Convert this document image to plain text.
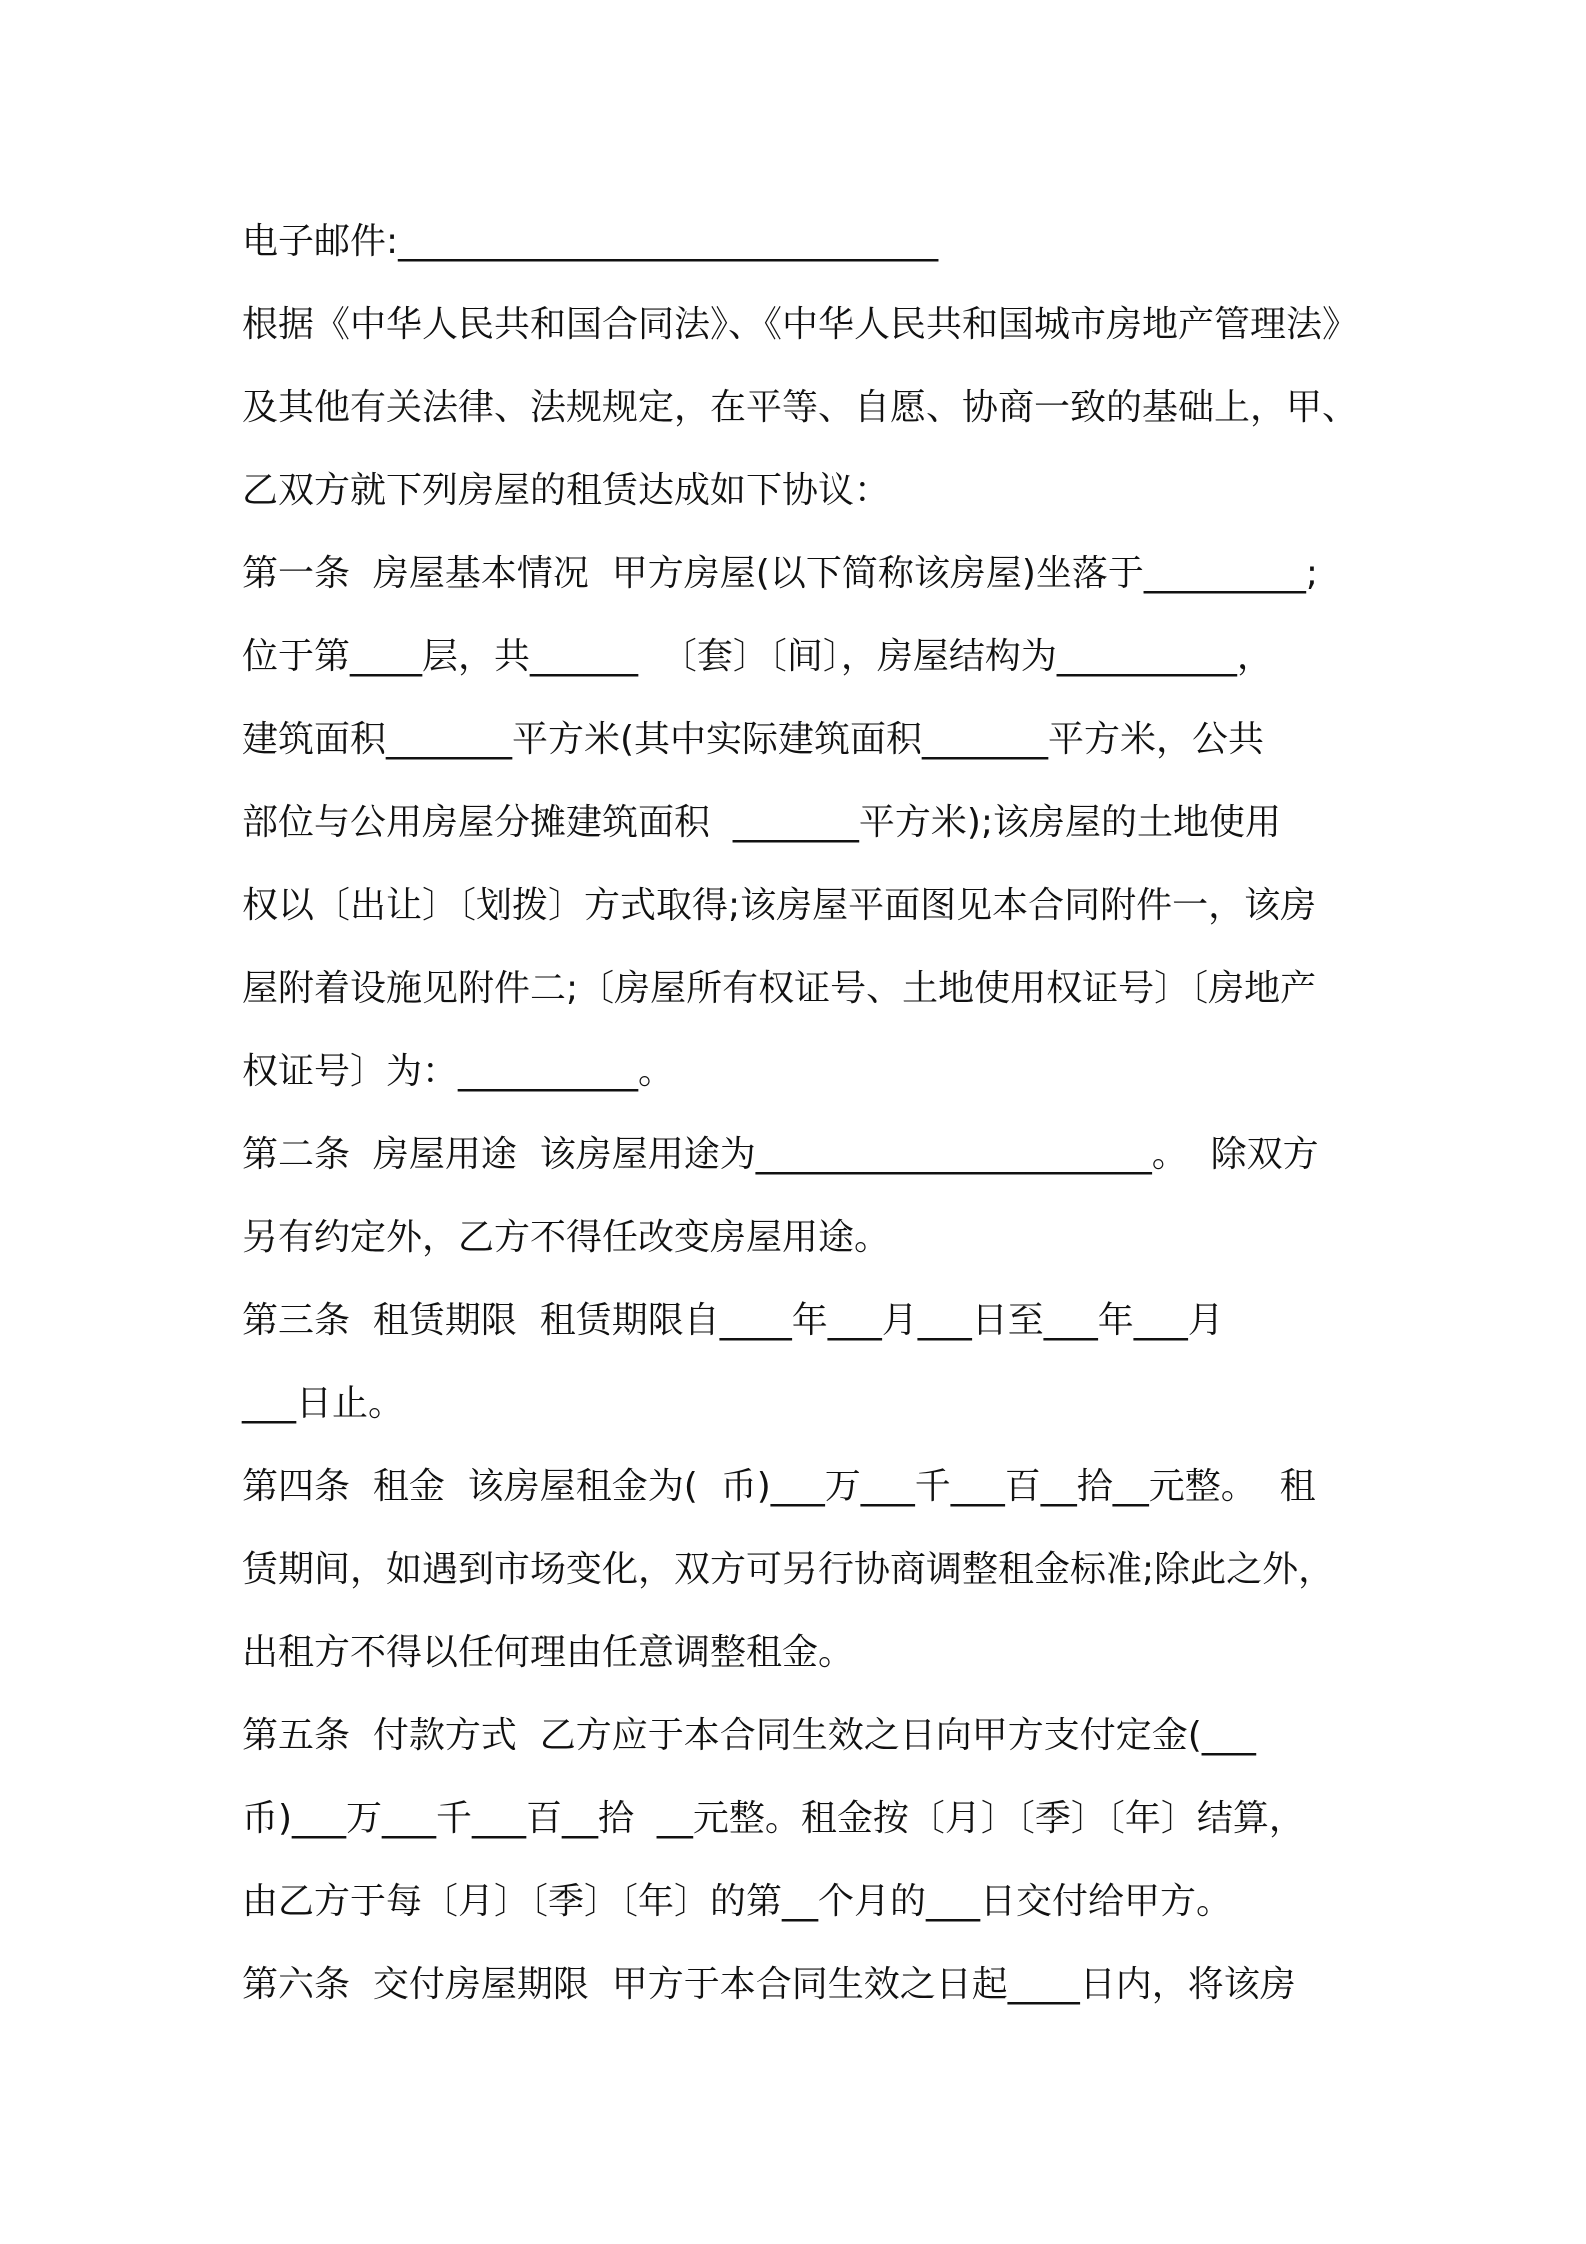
电子邮件:______________________________
根据《中华人民共和国合同法》、《中华人民共和国城市房地产管理法》
及其他有关法律、法规规定，在平等、自愿、协商一致的基础上，甲、
乙双方就下列房屋的租赁达成如下协议：
第一条  房屋基本情况  甲方房屋(以下简称该房屋)坐落于_________;
位于第____层，共______  〔套〕〔间〕，房屋结构为__________，
建筑面积_______平方米(其中实际建筑面积_______平方米，公共
部位与公用房屋分摊建筑面积  _______平方米);该房屋的土地使用
权以〔出让〕〔划拨〕方式取得;该房屋平面图见本合同附件一，该房
屋附着设施见附件二;〔房屋所有权证号、土地使用权证号〕〔房地产
权证号〕为：__________。
第二条  房屋用途  该房屋用途为______________________。  除双方
另有约定外，乙方不得任改变房屋用途。
第三条  租赁期限  租赁期限自____年___月___日至___年___月
___日止。
第四条  租金  该房屋租金为(  币)___万___千___百__拾__元整。  租
赁期间，如遇到市场变化，双方可另行协商调整租金标准;除此之外，
出租方不得以任何理由任意调整租金。
第五条  付款方式  乙方应于本合同生效之日向甲方支付定金(___
币)___万___千___百__拾  __元整。租金按〔月〕〔季〕〔年〕结算，
由乙方于每〔月〕〔季〕〔年〕的第__个月的___日交付给甲方。
第六条  交付房屋期限  甲方于本合同生效之日起____日内，将该房
